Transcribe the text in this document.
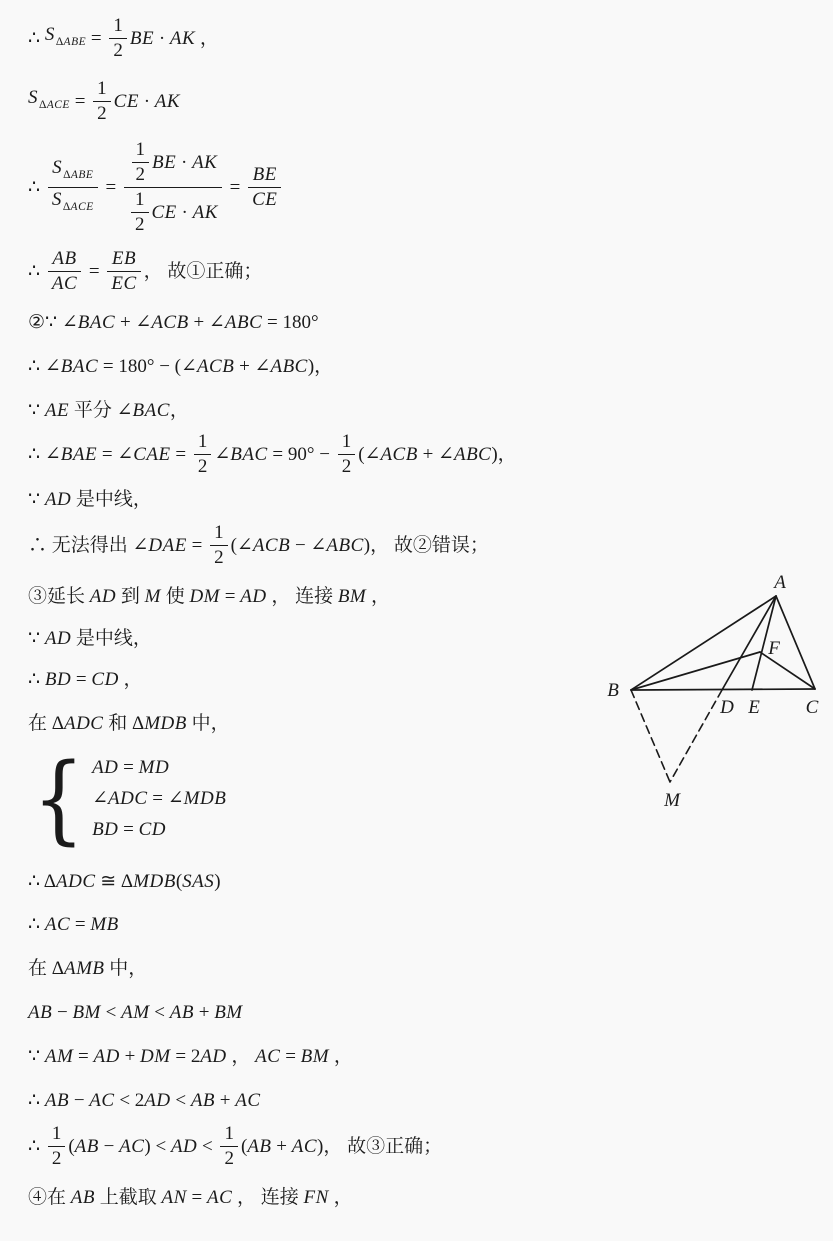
∴ $S_{\Delta ABE} = \frac{1}{2}$ BE · AK ，
$S_{\Delta ACE} = \frac{1}{2}$ CE · AK
∴ $\frac{S_{\Delta ABE}}{S_{\Delta ACE}} = \frac{\frac{1}{2} BE \cdot AK}{\frac{1}{2} CE \cdot AK} = \frac{BE}{CE}$
∴ $\frac{AB}{AC} = \frac{EB}{EC}$ ， 故①正确；
②∵ ∠BAC + ∠ACB + ∠ABC = 180°
∴ ∠BAC = 180° − (∠ACB + ∠ABC)，
∵ AE 平分 ∠BAC，
∴ ∠BAE = ∠CAE = $\frac{1}{2}$ ∠BAC = $90^\circ - \frac{1}{2}$ (∠ACB + ∠ABC)，
∵ AD 是中线，
∴ 无法得出 ∠DAE = $\frac{1}{2}$ (∠ACB − ∠ABC)， 故②错误；
③延长 AD 到 M 使 DM = AD ， 连接 BM ，
∵ AD 是中线，
∴ BD = CD ，
在 ΔADC 和 ΔMDB 中，
{ AD = MD
∠ADC = ∠MDB
BD = CD
∴ ΔADC ≅ ΔMDB(SAS)
∴ AC = MB
在 ΔAMB 中，
AB − BM < AM < AB + BM
∵ AM = AD + DM = 2AD ， AC = BM ，
∴ AB − AC < 2AD < AB + AC
∴ $\frac{1}{2} (AB - AC)$ < AD < $\frac{1}{2} (AB + AC)$， 故③正确；
④在 AB 上截取 AN = AC ， 连接 FN ，
A
B
C
D E
F
M
